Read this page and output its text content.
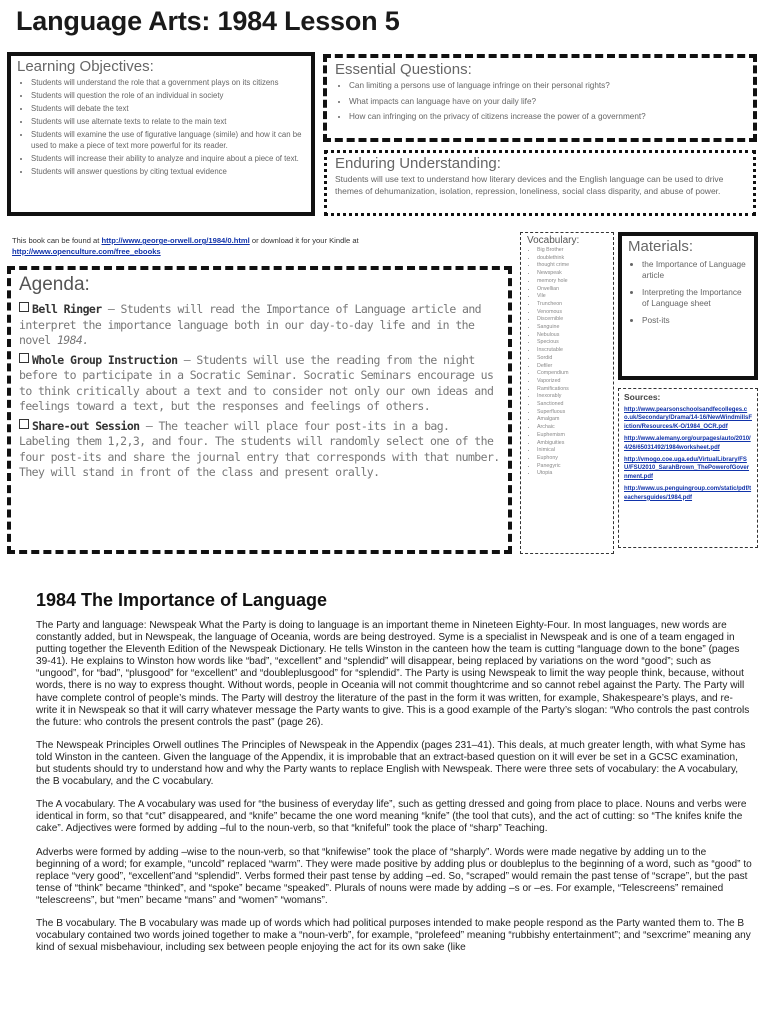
Language Arts: 1984 Lesson 5
Learning Objectives:
• Students will understand the role that a government plays on its citizens
• Students will question the role of an individual in society
• Students will debate the text
• Students will use alternate texts to relate to the main text
• Students will examine the use of figurative language (simile) and how it can be used to make a piece of text more powerful for its reader.
• Students will increase their ability to analyze and inquire about a piece of text.
• Students will answer questions by citing textual evidence
Essential Questions:
• Can limiting a persons use of language infringe on their personal rights?
• What impacts can language have on your daily life?
• How can infringing on the privacy of citizens increase the power of a government?
Enduring Understanding:
Students will use text to understand how literary devices and the English language can be used to drive themes of dehumanization, isolation, repression, loneliness, social class disparity, and abuse of power.
This book can be found at http://www.george-orwell.org/1984/0.html or download it for your Kindle at
http://www.openculture.com/free_ebooks
Agenda:
Bell Ringer – Students will read the Importance of Language article and interpret the importance language both in our day-to-day life and in the novel 1984.
Whole Group Instruction – Students will use the reading from the night before to participate in a Socratic Seminar. Socratic Seminars encourage us to think critically about a text and to consider not only our own ideas and feelings toward a text, but the responses and feelings of others.
Share-out Session – The teacher will place four post-its in a bag. Labeling them 1,2,3, and four. The students will randomly select one of the four post-its and share the journal entry that corresponds with that number. They will stand in front of the class and present orally.
Vocabulary:
• Big Brother
• doublethink
• thought crime
• Newspeak
• memory hole
• Orwellian
• Vile
• Truncheon
• Venomous
• Discernible
• Sanguine
• Nebulous
• Specious
• Inscrutable
• Sordid
• Defiler
• Compendium
• Vaporized
• Ramifications
• Inexorably
• Sanctioned
• Superfluous
• Amalgam
• Archaic
• Euphemism
• Ambiguities
• Inimical
• Euphony
• Panegyric
• Utopia
Materials:
• the Importance of Language article
• Interpreting the Importance of Language sheet
• Post-its
Sources:
http://www.pearsonschoolsandfecolleges.co.uk/Secondary/Drama/14-16/NewWindmillsFiction/Resources/K-O/1984_OCR.pdf
http://www.alemany.org/ourpages/auto/2010/4/26/65031492/1984worksheet.pdf
http://vmogo.coe.uga.edu/VirtualLibrary/FSU/FSU2010_SarahBrown_ThePowerofGovernment.pdf
http://www.us.penguingroup.com/static/pdf/teachersguides/1984.pdf
1984 The Importance of Language

The Party and language: Newspeak What the Party is doing to language is an important theme in Nineteen Eighty-Four. In most languages, new words are constantly added, but in Newspeak, the language of Oceania, words are being destroyed. Syme is a specialist in Newspeak and is one of a team engaged in putting together the Eleventh Edition of the Newspeak Dictionary. He tells Winston in the canteen how the team is cutting “language down to the bone” (pages 39-41). He explains to Winston how words like “bad”, “excellent” and “splendid” will disappear, being replaced by variations on the word “good”; such as “ungood”, for “bad”, “plusgood” for “excellent” and “doubleplusgood” for “splendid”. The Party is using Newspeak to limit the way people think, because, without words, there is no way to express thought. Without words, people in Oceania will not commit thoughtcrime and so cannot rebel against the Party. The Party will have complete control of people’s minds. The Party will destroy the literature of the past in the form it was written, for example, Shakespeare’s plays, and re-write it in Newspeak so that it will carry whatever message the Party wants to give. This is a good example of the Party’s slogan: “Who controls the past controls the future: who controls the present controls the past” (page 26).

The Newspeak Principles Orwell outlines The Principles of Newspeak in the Appendix (pages 231–41). This deals, at much greater length, with what Syme has told Winston in the canteen. Given the language of the Appendix, it is improbable that an extract-based question on it will ever be set in a GCSC examination, but students should try to understand how and why the Party wants to replace English with Newspeak. There were three sets of vocabulary: the A vocabulary, the B vocabulary, and the C vocabulary.

The A vocabulary. The A vocabulary was used for “the business of everyday life”, such as getting dressed and going from place to place. Nouns and verbs were identical in form, so that “cut” disappeared, and “knife” became the one word meaning “knife” (the tool that cuts), and the act of cutting: so “The knifes knife the cake”. Adjectives were formed by adding –ful to the noun-verb, so that “knifeful” took the place of “sharp” Teaching.

Adverbs were formed by adding –wise to the noun-verb, so that “knifewise” took the place of “sharply”. Words were made negative by adding un to the beginning of a word; for example, “uncold” replaced “warm”. They were made positive by adding plus or doubleplus to the beginning of a word, such as “good” to replace “very good”, “excellent”and “splendid”. Verbs formed their past tense by adding –ed. So, “scraped” would remain the past tense of “scrape”, but the past tense of “think” became “thinked”, and “spoke” became “speaked”. Plurals of nouns were made by adding –s or –es. For example, “Telescreens” remained “telescreens”, but “men” became “mans” and “women” “womans”.

The B vocabulary. The B vocabulary was made up of words which had political purposes intended to make people respond as the Party wanted them to. The B vocabulary contained two words joined together to make a “noun-verb”, for example, “prolefeed” meaning “rubbishy entertainment”; and “sexcrime” meaning any kind of sexual misbehaviour, including sex between people enjoying the act for its own sake (like
